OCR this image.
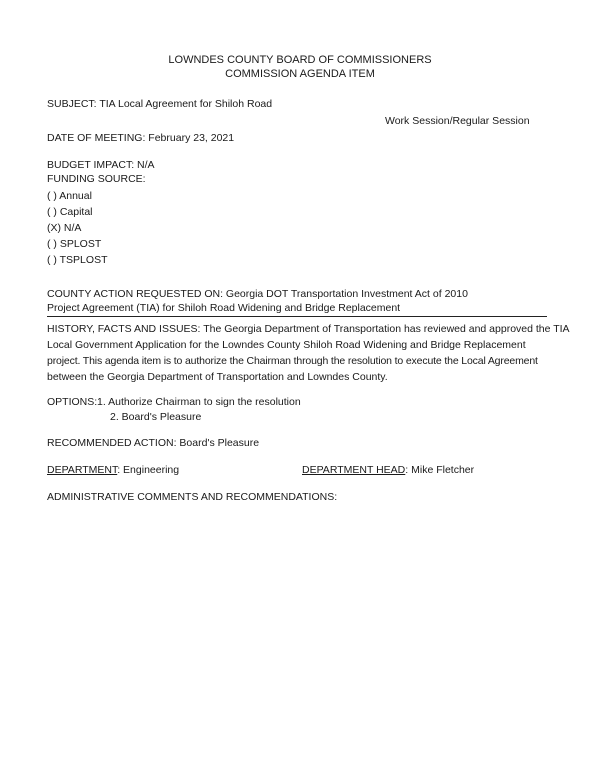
LOWNDES COUNTY BOARD OF COMMISSIONERS
COMMISSION AGENDA ITEM
SUBJECT: TIA Local Agreement for Shiloh Road
Work Session/Regular Session
DATE OF MEETING: February 23, 2021
BUDGET IMPACT: N/A
FUNDING SOURCE:
( ) Annual
( ) Capital
(X) N/A
( ) SPLOST
( ) TSPLOST
COUNTY ACTION REQUESTED ON: Georgia DOT Transportation Investment Act of 2010
Project Agreement (TIA) for Shiloh Road Widening and Bridge Replacement
HISTORY, FACTS AND ISSUES: The Georgia Department of Transportation has reviewed and approved the TIA
Local Government Application for the Lowndes County Shiloh Road Widening and Bridge Replacement
project. This agenda item is to authorize the Chairman through the resolution to execute the Local Agreement
between the Georgia Department of Transportation and Lowndes County.
OPTIONS: 1. Authorize Chairman to sign the resolution
2. Board's Pleasure
RECOMMENDED ACTION: Board's Pleasure
DEPARTMENT: Engineering	DEPARTMENT HEAD: Mike Fletcher
ADMINISTRATIVE COMMENTS AND RECOMMENDATIONS:
